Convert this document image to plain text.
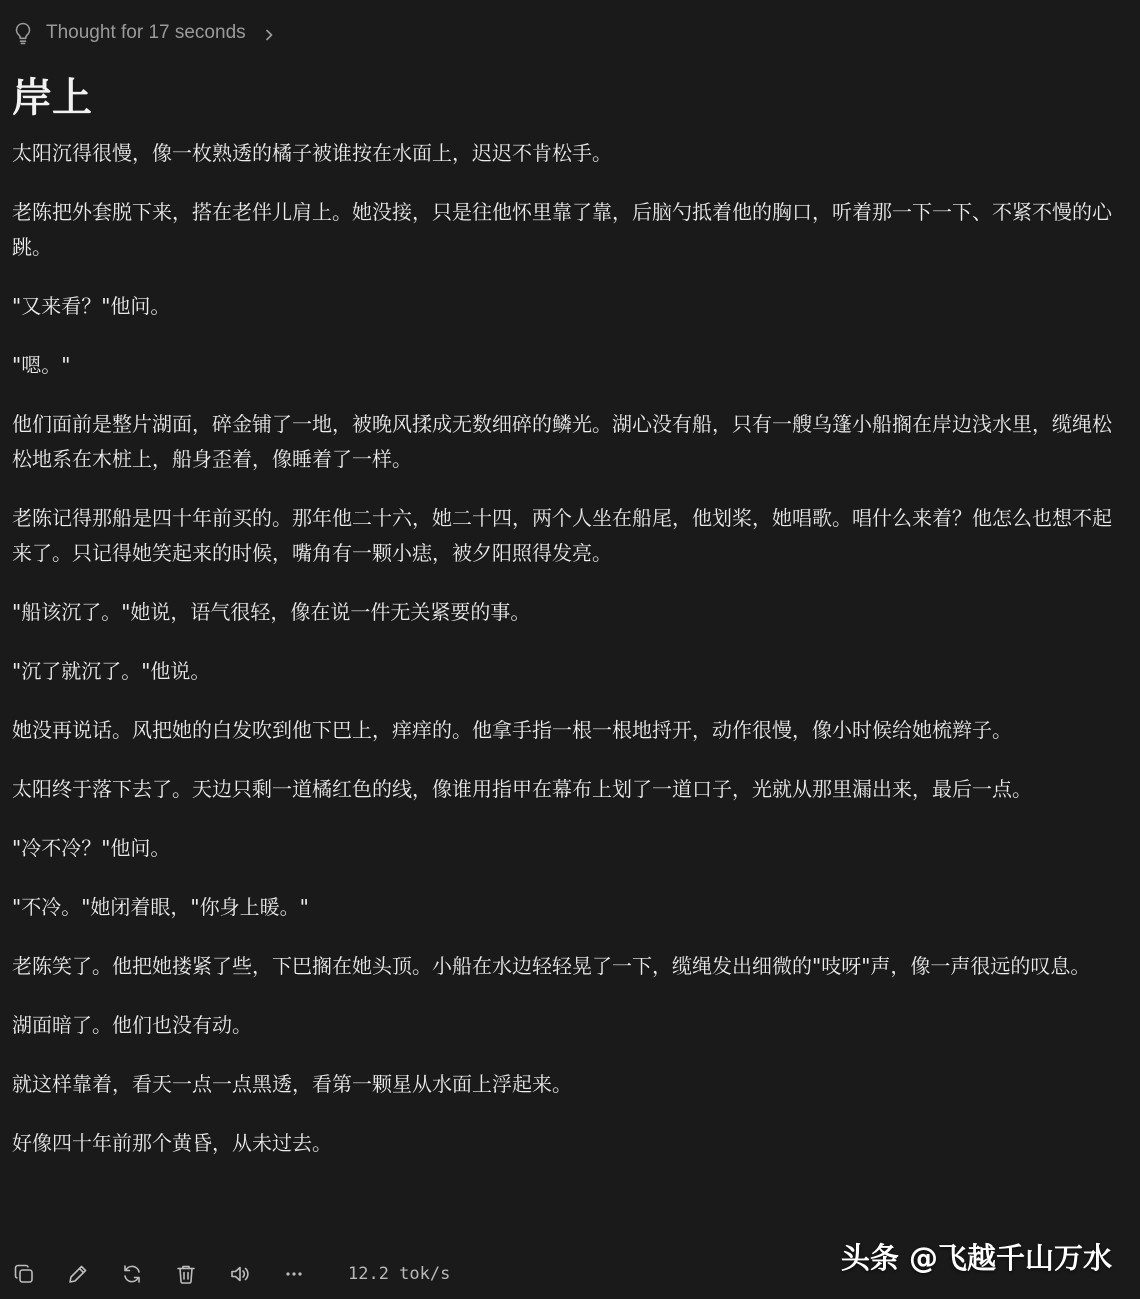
Thought for 17 seconds
岸上

太阳沉得很慢，像一枚熟透的橘子被谁按在水面上，迟迟不肯松手。

老陈把外套脱下来，搭在老伴儿肩上。她没接，只是往他怀里靠了靠，后脑勺抵着他的胸口，听着那一下一下、不紧不慢的心跳。

"又来看？"他问。

"嗯。"

他们面前是整片湖面，碎金铺了一地，被晚风揉成无数细碎的鳞光。湖心没有船，只有一艘乌篷小船搁在岸边浅水里，缆绳松松地系在木桩上，船身歪着，像睡着了一样。

老陈记得那船是四十年前买的。那年他二十六，她二十四，两个人坐在船尾，他划桨，她唱歌。唱什么来着？他怎么也想不起来了。只记得她笑起来的时候，嘴角有一颗小痣，被夕阳照得发亮。

"船该沉了。"她说，语气很轻，像在说一件无关紧要的事。

"沉了就沉了。"他说。

她没再说话。风把她的白发吹到他下巴上，痒痒的。他拿手指一根一根地捋开，动作很慢，像小时候给她梳辫子。

太阳终于落下去了。天边只剩一道橘红色的线，像谁用指甲在幕布上划了一道口子，光就从那里漏出来，最后一点。

"冷不冷？"他问。

"不冷。"她闭着眼，"你身上暖。"

老陈笑了。他把她搂紧了些，下巴搁在她头顶。小船在水边轻轻晃了一下，缆绳发出细微的"吱呀"声，像一声很远的叹息。

湖面暗了。他们也没有动。

就这样靠着，看天一点一点黑透，看第一颗星从水面上浮起来。

好像四十年前那个黄昏，从未过去。

12.2 tok/s	头条 @飞越千山万水
